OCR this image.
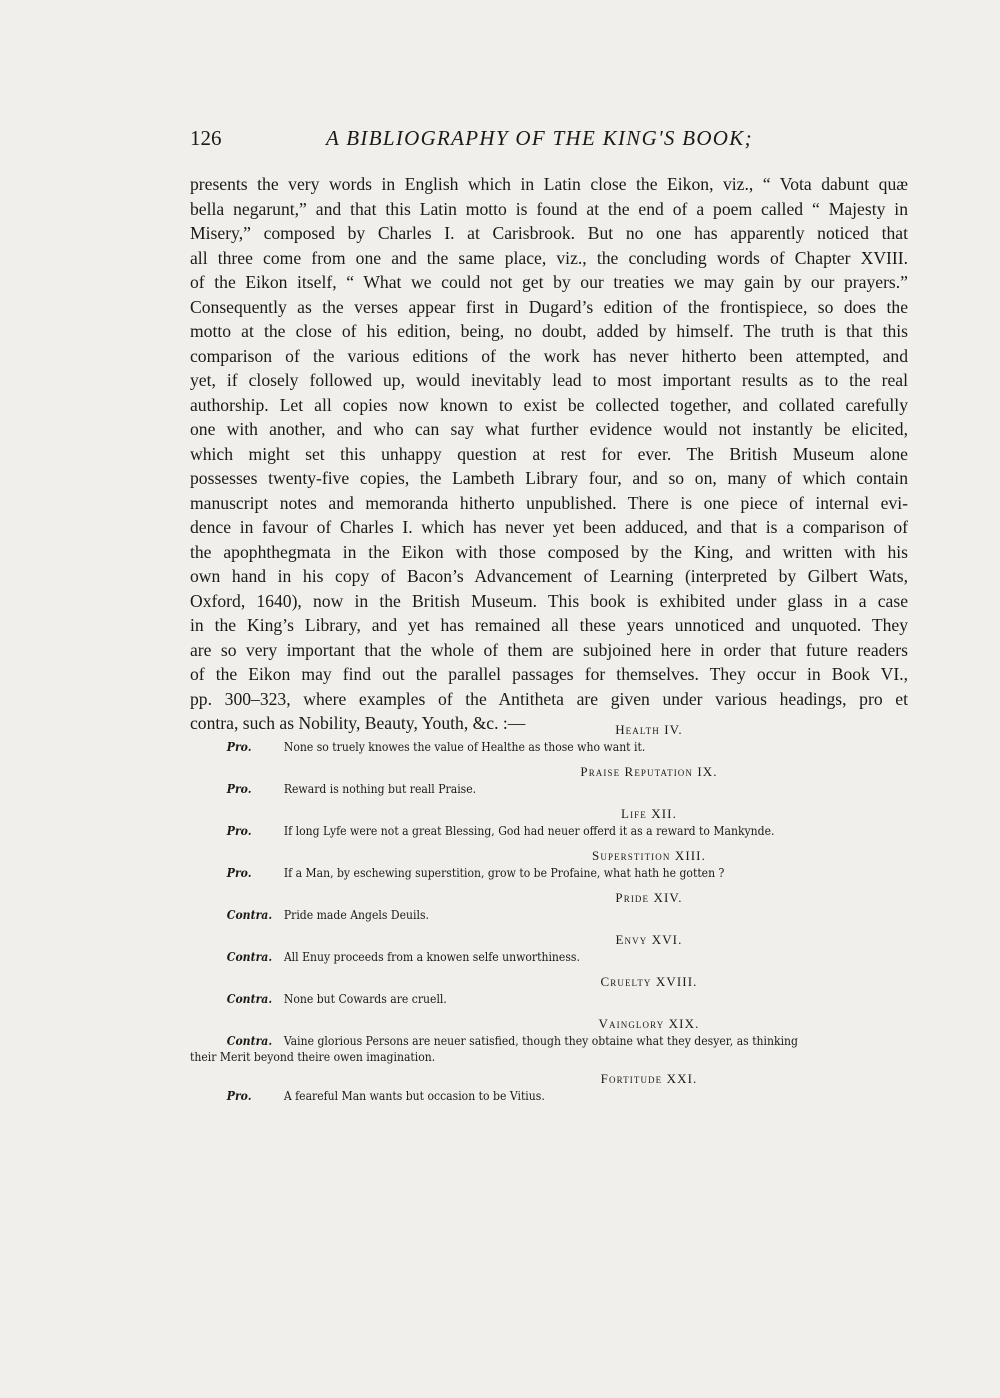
126	A BIBLIOGRAPHY OF THE KING'S BOOK;
presents the very words in English which in Latin close the Eikon, viz., “ Vota dabunt quæ
bella negarunt,” and that this Latin motto is found at the end of a poem called “ Majesty in
Misery,” composed by Charles I. at Carisbrook. But no one has apparently noticed that
all three come from one and the same place, viz., the concluding words of Chapter XVIII.
of the Eikon itself, “ What we could not get by our treaties we may gain by our prayers.”
Consequently as the verses appear first in Dugard’s edition of the frontispiece, so does the
motto at the close of his edition, being, no doubt, added by himself. The truth is that this
comparison of the various editions of the work has never hitherto been attempted, and
yet, if closely followed up, would inevitably lead to most important results as to the real
authorship. Let all copies now known to exist be collected together, and collated carefully
one with another, and who can say what further evidence would not instantly be elicited,
which might set this unhappy question at rest for ever. The British Museum alone
possesses twenty-five copies, the Lambeth Library four, and so on, many of which contain
manuscript notes and memoranda hitherto unpublished. There is one piece of internal evi-
dence in favour of Charles I. which has never yet been adduced, and that is a comparison of
the apophthegmata in the Eikon with those composed by the King, and written with his
own hand in his copy of Bacon’s Advancement of Learning (interpreted by Gilbert Wats,
Oxford, 1640), now in the British Museum. This book is exhibited under glass in a case
in the King’s Library, and yet has remained all these years unnoticed and unquoted. They
are so very important that the whole of them are subjoined here in order that future readers
of the Eikon may find out the parallel passages for themselves. They occur in Book VI.,
pp. 300–323, where examples of the Antitheta are given under various headings, pro et
contra, such as Nobility, Beauty, Youth, &c. :—	Health IV.
Pro.	None so truely knowes the value of Healthe as those who want it.
Praise Reputation IX.
Pro.	Reward is nothing but reall Praise.
Life XII.
Pro.	If long Lyfe were not a great Blessing, God had neuer offerd it as a reward to Mankynde.
Superstition XIII.
Pro.	If a Man, by eschewing superstition, grow to be Profaine, what hath he gotten ?
Pride XIV.
Contra. Pride made Angels Deuils.
Envy XVI.
Contra. All Enuy proceeds from a knowen selfe unworthiness.
Cruelty XVIII.
Contra. None but Cowards are cruell.
Vainglory XIX.
Contra. Vaine glorious Persons are neuer satisfied, though they obtaine what they desyer, as thinking
their Merit beyond theire owen imagination.
Fortitude XXI.
Pro.	A feareful Man wants but occasion to be Vitius.
